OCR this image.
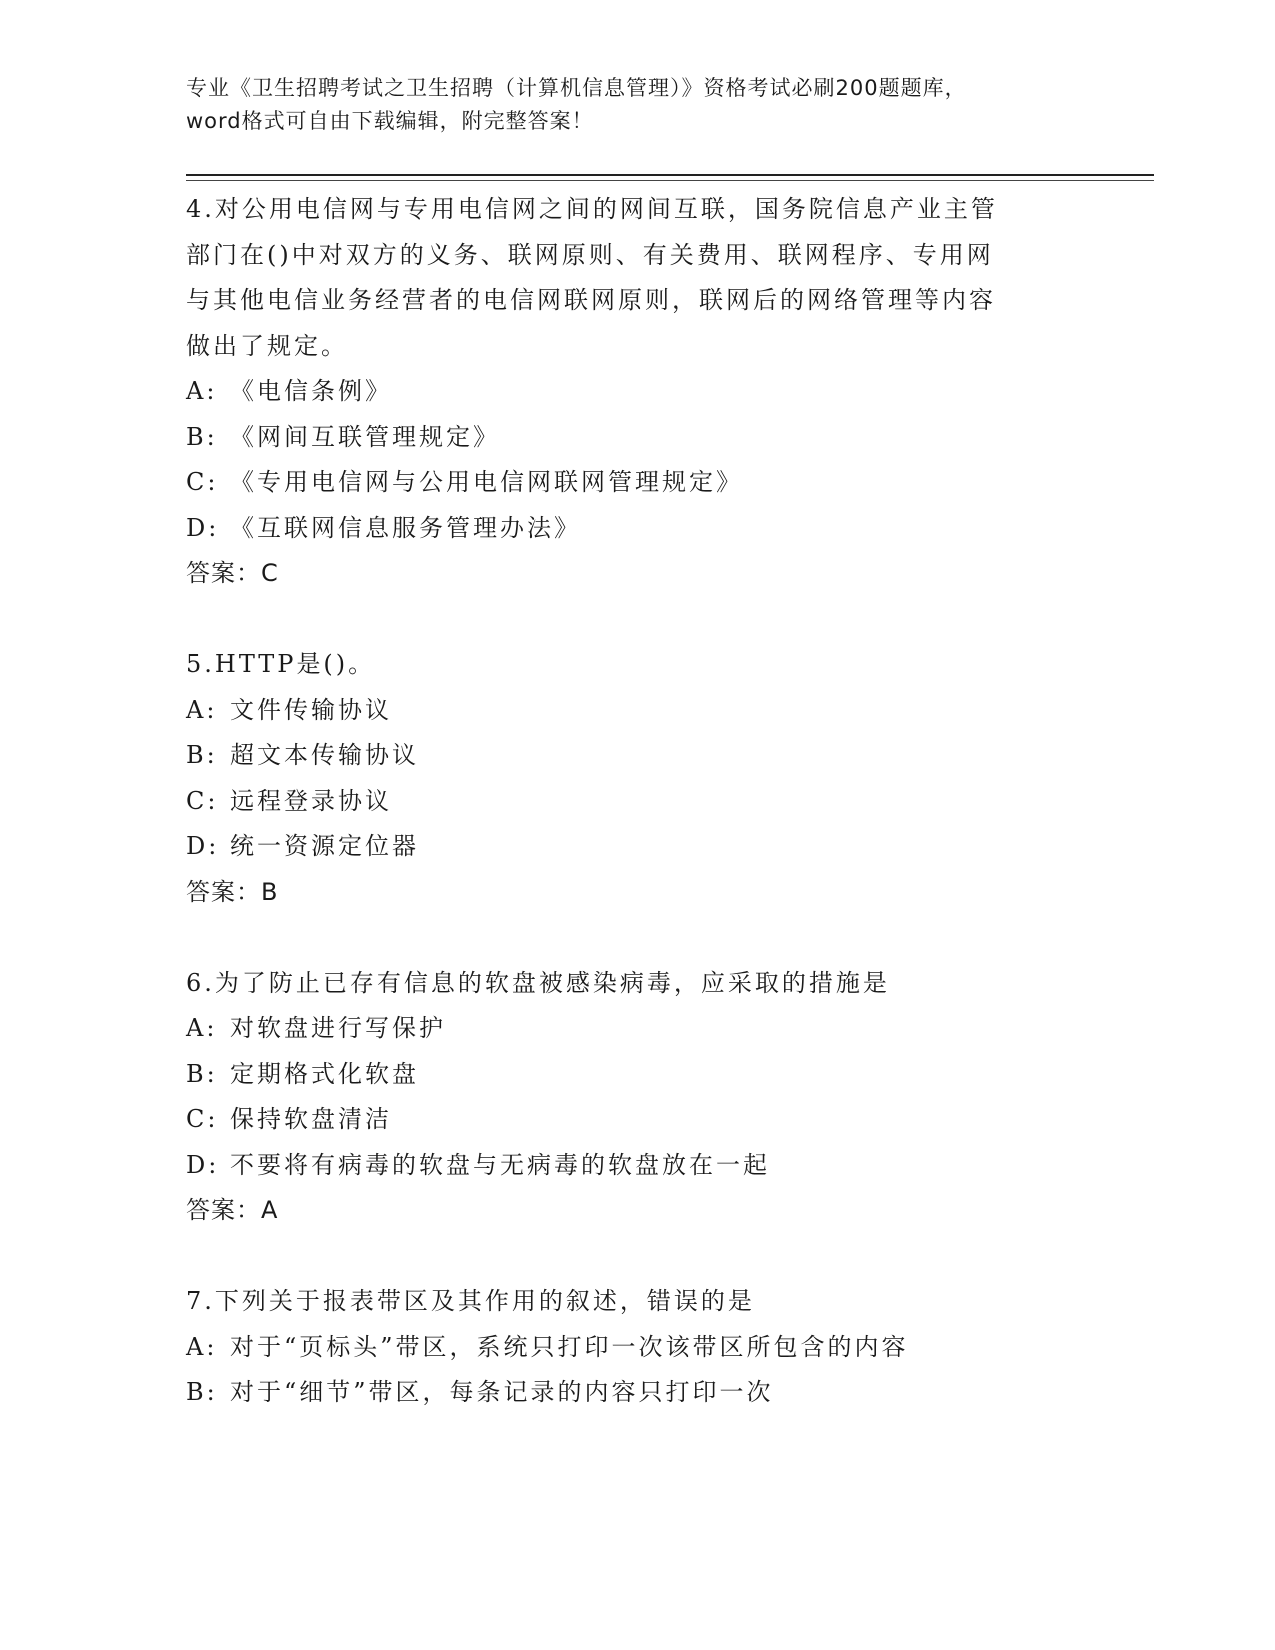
专业《卫生招聘考试之卫生招聘（计算机信息管理）》资格考试必刷200题题库，
word格式可自由下载编辑，附完整答案！

4.对公用电信网与专用电信网之间的网间互联，国务院信息产业主管

部门在()中对双方的义务、联网原则、有关费用、联网程序、专用网

与其他电信业务经营者的电信网联网原则，联网后的网络管理等内容

做出了规定。

A: 《电信条例》

B: 《网间互联管理规定》

C: 《专用电信网与公用电信网联网管理规定》

D: 《互联网信息服务管理办法》

答案：C

5.HTTP是()。

A: 文件传输协议

B: 超文本传输协议

C: 远程登录协议

D: 统一资源定位器

答案：B

6.为了防止已存有信息的软盘被感染病毒，应采取的措施是

A: 对软盘进行写保护

B: 定期格式化软盘

C: 保持软盘清洁

D: 不要将有病毒的软盘与无病毒的软盘放在一起

答案：A

7.下列关于报表带区及其作用的叙述，错误的是

A: 对于“页标头”带区，系统只打印一次该带区所包含的内容

B: 对于“细节”带区，每条记录的内容只打印一次
